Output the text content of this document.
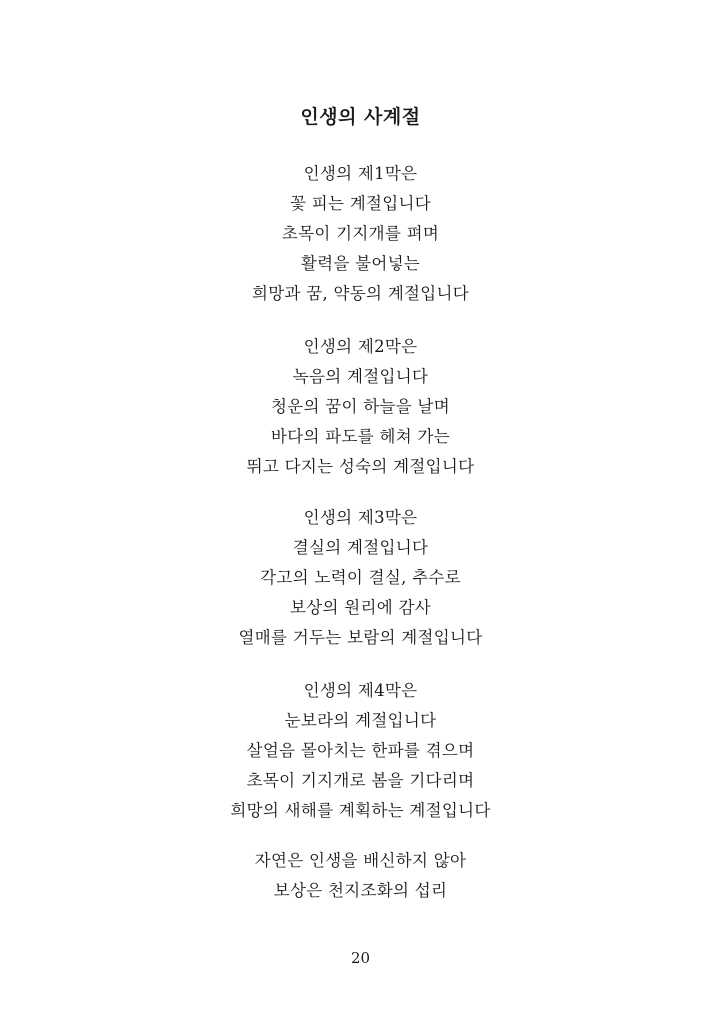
인생의 사계절
인생의 제1막은
꽃 피는 계절입니다
초목이 기지개를 펴며
활력을 불어넣는
희망과 꿈, 약동의 계절입니다
인생의 제2막은
녹음의 계절입니다
청운의 꿈이 하늘을 날며
바다의 파도를 헤쳐 가는
뛰고 다지는 성숙의 계절입니다
인생의 제3막은
결실의 계절입니다
각고의 노력이 결실, 추수로
보상의 원리에 감사
열매를 거두는 보람의 계절입니다
인생의 제4막은
눈보라의 계절입니다
살얼음 몰아치는 한파를 겪으며
초목이 기지개로 봄을 기다리며
희망의 새해를 계획하는 계절입니다
자연은 인생을 배신하지 않아
보상은 천지조화의 섭리
20
